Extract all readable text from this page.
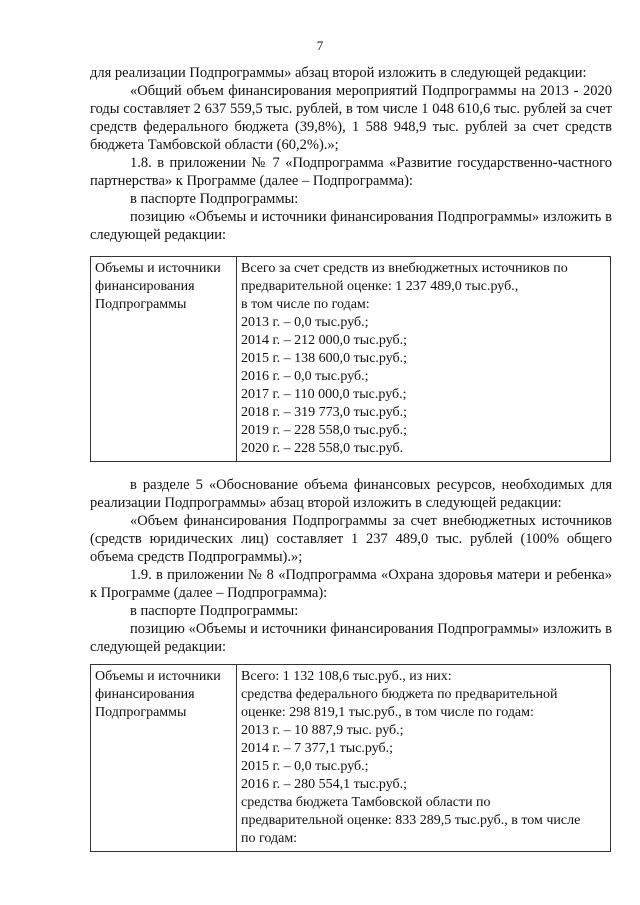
7

для реализации Подпрограммы» абзац второй изложить в следующей редакции:

«Общий объем финансирования мероприятий Подпрограммы на 2013 - 2020 годы составляет 2 637 559,5 тыс. рублей, в том числе 1 048 610,6 тыс. рублей за счет средств федерального бюджета (39,8%), 1 588 948,9 тыс. рублей за счет средств бюджета Тамбовской области (60,2%).»;

1.8. в приложении № 7 «Подпрограмма «Развитие государственно-частного партнерства» к Программе (далее – Подпрограмма):

в паспорте Подпрограммы:

позицию «Объемы и источники финансирования Подпрограммы» изложить в следующей редакции:

Объемы и источники
финансирования
Подпрограммы

Всего за счет средств из внебюджетных источников по
предварительной оценке: 1 237 489,0 тыс.руб.,
в том числе по годам:
2013 г. – 0,0 тыс.руб.;
2014 г. – 212 000,0 тыс.руб.;
2015 г. – 138 600,0 тыс.руб.;
2016 г. – 0,0 тыс.руб.;
2017 г. – 110 000,0 тыс.руб.;
2018 г. – 319 773,0 тыс.руб.;
2019 г. – 228 558,0 тыс.руб.;
2020 г. – 228 558,0 тыс.руб.

в разделе 5 «Обоснование объема финансовых ресурсов, необходимых для реализации Подпрограммы» абзац второй изложить в следующей редакции:

«Объем финансирования Подпрограммы за счет внебюджетных источников (средств юридических лиц) составляет 1 237 489,0 тыс. рублей (100% общего объема средств Подпрограммы).»;

1.9. в приложении № 8 «Подпрограмма «Охрана здоровья матери и ребенка» к Программе (далее – Подпрограмма):

в паспорте Подпрограммы:

позицию «Объемы и источники финансирования Подпрограммы» изложить в следующей редакции:

Объемы и источники
финансирования
Подпрограммы

Всего: 1 132 108,6 тыс.руб., из них:
средства федерального бюджета по предварительной
оценке: 298 819,1 тыс.руб., в том числе по годам:
2013 г. – 10 887,9 тыс. руб.;
2014 г. – 7 377,1 тыс.руб.;
2015 г. – 0,0 тыс.руб.;
2016 г. – 280 554,1 тыс.руб.;
средства бюджета Тамбовской области по
предварительной оценке: 833 289,5 тыс.руб., в том числе
по годам:
